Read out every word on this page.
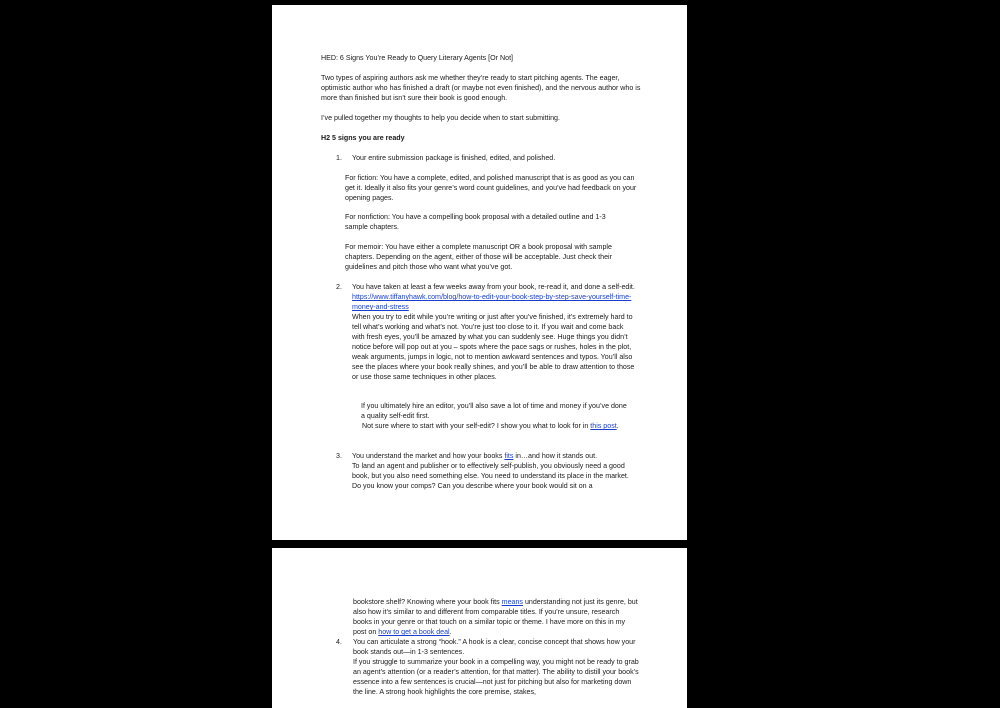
HED: 6 Signs You’re Ready to Query Literary Agents [Or Not]

Two types of aspiring authors ask me whether they’re ready to start pitching agents. The eager, optimistic author who has finished a draft (or maybe not even finished), and the nervous author who is more than finished but isn’t sure their book is good enough.

I’ve pulled together my thoughts to help you decide when to start submitting.

H2 5 signs you are ready

1. Your entire submission package is finished, edited, and polished.

For fiction: You have a complete, edited, and polished manuscript that is as good as you can get it. Ideally it also fits your genre’s word count guidelines, and you’ve had feedback on your opening pages.

For nonfiction: You have a compelling book proposal with a detailed outline and 1-3 sample chapters.

For memoir: You have either a complete manuscript OR a book proposal with sample chapters. Depending on the agent, either of those will be acceptable. Just check their guidelines and pitch those who want what you’ve got.

2. You have taken at least a few weeks away from your book, re-read it, and done a self-edit. https://www.tiffanyhawk.com/blog/how-to-edit-your-book-step-by-step-save-yourself-time-money-and-stress

When you try to edit while you’re writing or just after you’ve finished, it’s extremely hard to tell what’s working and what’s not. You’re just too close to it. If you wait and come back with fresh eyes, you’ll be amazed by what you can suddenly see. Huge things you didn’t notice before will pop out at you – spots where the pace sags or rushes, holes in the plot, weak arguments, jumps in logic, not to mention awkward sentences and typos. You’ll also see the places where your book really shines, and you’ll be able to draw attention to those or use those same techniques in other places.

If you ultimately hire an editor, you’ll also save a lot of time and money if you’ve done a quality self-edit first.

Not sure where to start with your self-edit? I show you what to look for in this post.
3. You understand the market and how your books fits in…and how it stands out.

To land an agent and publisher or to effectively self-publish, you obviously need a good book, but you also need something else. You need to understand its place in the market. Do you know your comps? Can you describe where your book would sit on a

bookstore shelf? Knowing where your book fits means understanding not just its genre, but also how it’s similar to and different from comparable titles. If you’re unsure, research books in your genre or that touch on a similar topic or theme. I have more on this in my post on how to get a book deal.
4. You can articulate a strong “hook.” A hook is a clear, concise concept that shows how your book stands out—in 1-3 sentences.

If you struggle to summarize your book in a compelling way, you might not be ready to grab an agent’s attention (or a reader’s attention, for that matter). The ability to distill your book’s essence into a few sentences is crucial—not just for pitching but also for marketing down the line. A strong hook highlights the core premise, stakes,
